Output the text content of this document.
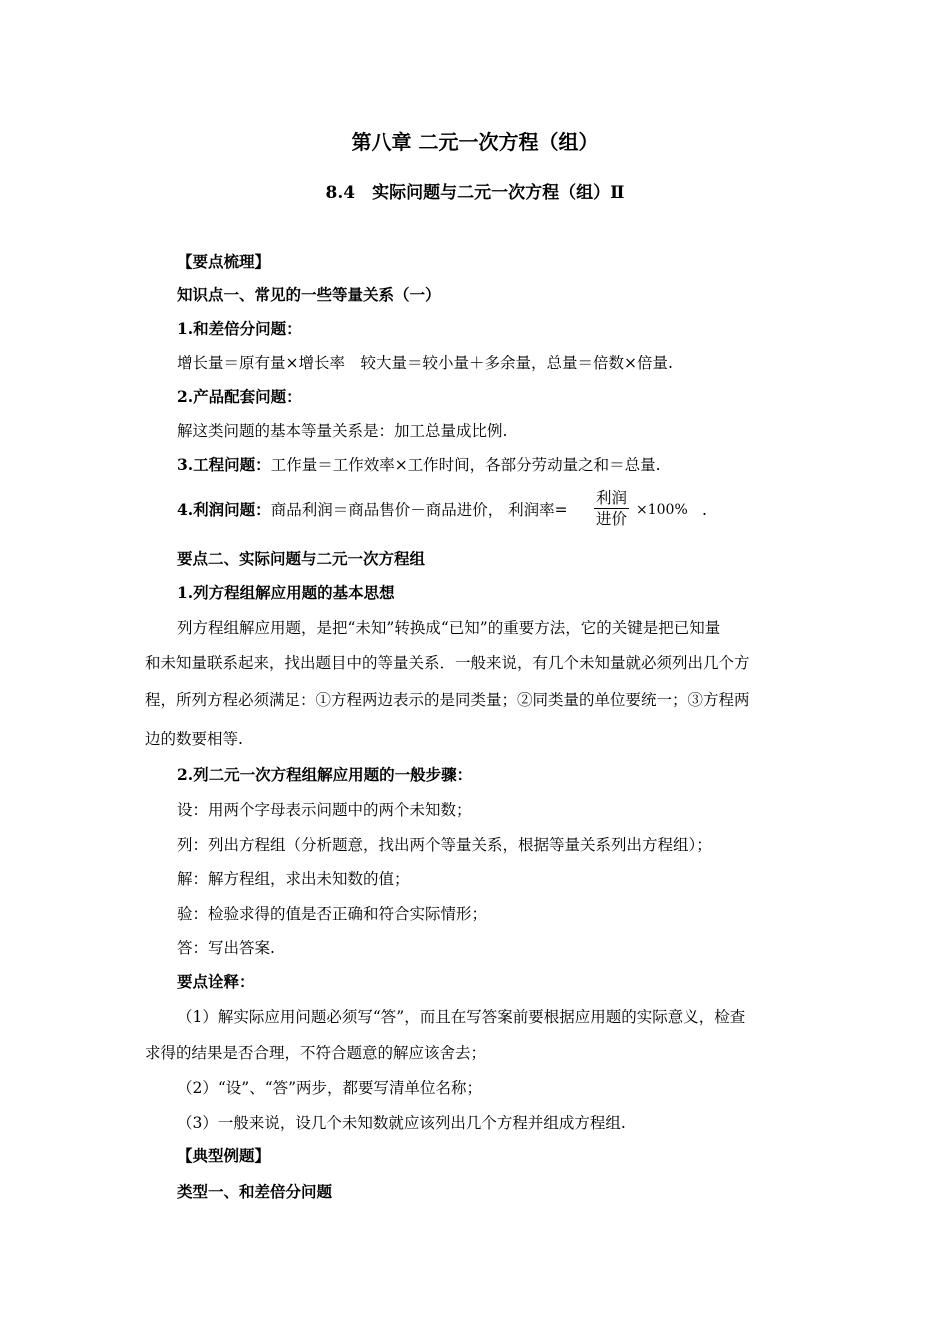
第八章 二元一次方程（组）
8.4　实际问题与二元一次方程（组）Ⅱ
【要点梳理】
知识点一、常见的一些等量关系（一）
1.和差倍分问题：
增长量＝原有量×增长率　较大量＝较小量＋多余量，总量＝倍数×倍量.
2.产品配套问题：
解这类问题的基本等量关系是：加工总量成比例.
3.工程问题：工作量＝工作效率×工作时间，各部分劳动量之和＝总量.
4.利润问题：商品利润＝商品售价－商品进价， 利润率=
利润
进价 ×100% .
要点二、实际问题与二元一次方程组
1.列方程组解应用题的基本思想
列方程组解应用题，是把“未知”转换成“已知”的重要方法，它的关键是把已知量
和未知量联系起来，找出题目中的等量关系．一般来说，有几个未知量就必须列出几个方
程，所列方程必须满足：①方程两边表示的是同类量；②同类量的单位要统一；③方程两
边的数要相等.
2.列二元一次方程组解应用题的一般步骤：
设：用两个字母表示问题中的两个未知数；
列：列出方程组（分析题意，找出两个等量关系，根据等量关系列出方程组）；
解：解方程组，求出未知数的值；
验：检验求得的值是否正确和符合实际情形；
答：写出答案.
要点诠释：
（1）解实际应用问题必须写“答”，而且在写答案前要根据应用题的实际意义，检查
求得的结果是否合理，不符合题意的解应该舍去；
（2）“设”、“答”两步，都要写清单位名称；
（3）一般来说，设几个未知数就应该列出几个方程并组成方程组.
【典型例题】
类型一、和差倍分问题
